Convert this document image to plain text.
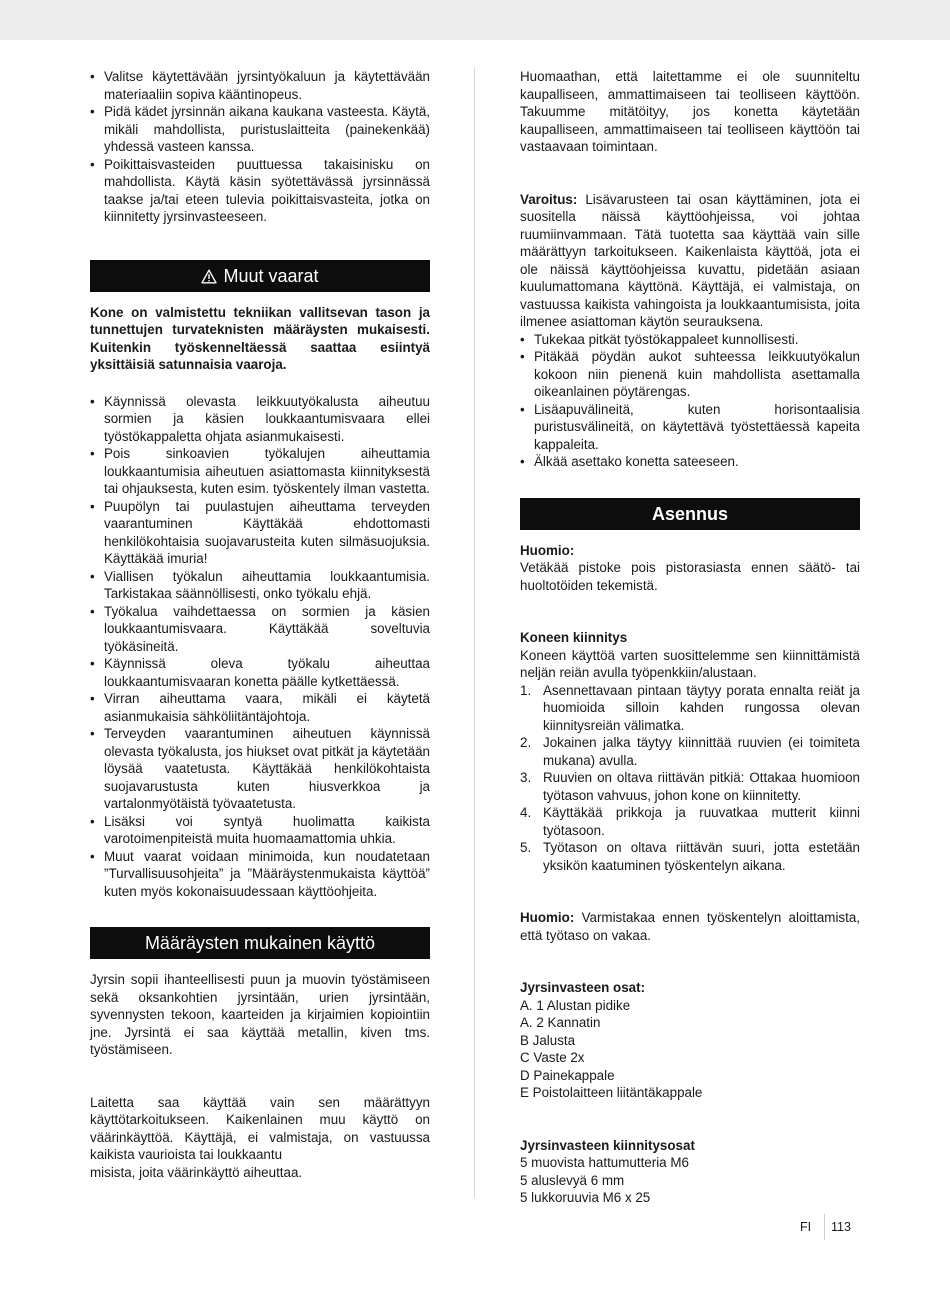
• Valitse käytettävään jyrsintyökaluun ja käytettävään materiaaliin sopiva kääntinopeus.
• Pidä kädet jyrsinnän aikana kaukana vasteesta. Käytä, mikäli mahdollista, puristuslaitteita (painekenkää) yhdessä vasteen kanssa.
• Poikittaisvasteiden puuttuessa takaisinisku on mahdollista. Käytä käsin syötettävässä jyrsinnässä taakse ja/tai eteen tulevia poikittaisvasteita, jotka on kiinnitetty jyrsinvasteeseen.
Muut vaarat

Kone on valmistettu tekniikan vallitsevan tason ja tunnettujen turvateknisten määräysten mukaisesti. Kuitenkin työskenneltäessä saattaa esiintyä yksittäisiä satunnaisia vaaroja.

• Käynnissä olevasta leikkuutyökalusta aiheutuu sormien ja käsien loukkaantumisvaara ellei työstökappaletta ohjata asianmukaisesti.
• Pois sinkoavien työkalujen aiheuttamia loukkaantumisia aiheutuen asiattomasta kiinnityksestä tai ohjauksesta, kuten esim. työskentely ilman vastetta.
• Puupölyn tai puulastujen aiheuttama terveyden vaarantuminen Käyttäkää ehdottomasti henkilökohtaisia suojavarusteita kuten silmäsuojuksia. Käyttäkää imuria!
• Viallisen työkalun aiheuttamia loukkaantumisia. Tarkistakaa säännöllisesti, onko työkalu ehjä.
• Työkalua vaihdettaessa on sormien ja käsien loukkaantumisvaara. Käyttäkää soveltuvia työkäsineitä.
• Käynnissä oleva työkalu aiheuttaa loukkaantumisvaaran konetta päälle kytkettäessä.
• Virran aiheuttama vaara, mikäli ei käytetä asianmukaisia sähköliitäntäjohtoja.
• Terveyden vaarantuminen aiheutuen käynnissä olevasta työkalusta, jos hiukset ovat pitkät ja käytetään löysää vaatetusta. Käyttäkää henkilökohtaista suojavarustusta kuten hiusverkkoa ja vartalonmyötäistä työvaatetusta.
• Lisäksi voi syntyä huolimatta kaikista varotoimenpiteistä muita huomaamattomia uhkia.
• Muut vaarat voidaan minimoida, kun noudatetaan ”Turvallisuusohjeita” ja ”Määräystenmukaista käyttöä” kuten myös kokonaisuudessaan käyttöohjeita.
Määräysten mukainen käyttö

Jyrsin sopii ihanteellisesti puun ja muovin työstämiseen sekä oksankohtien jyrsintään, urien jyrsintään, syvennysten tekoon, kaarteiden ja kirjaimien kopiointiin jne. Jyrsintä ei saa käyttää metallin, kiven tms. työstämiseen.

Laitetta saa käyttää vain sen määrättyyn käyttötarkoitukseen. Kaikenlainen muu käyttö on väärinkäyttöä. Käyttäjä, ei valmistaja, on vastuussa kaikista vaurioista tai loukkaantu
misista, joita väärinkäyttö aiheuttaa.

Huomaathan, että laitettamme ei ole suunniteltu kaupalliseen, ammattimaiseen tai teolliseen käyttöön. Takuumme mitätöityy, jos konetta käytetään kaupalliseen, ammattimaiseen tai teolliseen käyttöön tai vastaavaan toimintaan.

Varoitus: Lisävarusteen tai osan käyttäminen, jota ei suositella näissä käyttöohjeissa, voi johtaa ruumiinvammaan. Tätä tuotetta saa käyttää vain sille määrättyyn tarkoitukseen. Kaikenlaista käyttöä, jota ei ole näissä käyttöohjeissa kuvattu, pidetään asiaan kuulumattomana käyttönä. Käyttäjä, ei valmistaja, on vastuussa kaikista vahingoista ja loukkaantumisista, joita ilmenee asiattoman käytön seurauksena.

• Tukekaa pitkät työstökappaleet kunnollisesti.
• Pitäkää pöydän aukot suhteessa leikkuutyökalun kokoon niin pienenä kuin mahdollista asettamalla oikeanlainen pöytärengas.
• Lisäapuvälineitä, kuten horisontaalisia puristusvälineitä, on käytettävä työstettäessä kapeita kappaleita.
• Älkää asettako konetta sateeseen.
Asennus

Huomio:

Vetäkää pistoke pois pistorasiasta ennen säätö- tai huoltotöiden tekemistä.

Koneen kiinnitys

Koneen käyttöä varten suosittelemme sen kiinnittämistä neljän reiän avulla työpenkkiin/alustaan.

1. Asennettavaan pintaan täytyy porata ennalta reiät ja huomioida silloin kahden rungossa olevan kiinnitysreiän välimatka.
2. Jokainen jalka täytyy kiinnittää ruuvien (ei toimiteta mukana) avulla.
3. Ruuvien on oltava riittävän pitkiä: Ottakaa huomioon työtason vahvuus, johon kone on kiinnitetty.
4. Käyttäkää prikkoja ja ruuvatkaa mutterit kiinni työtasoon.
5. Työtason on oltava riittävän suuri, jotta estetään yksikön kaatuminen työskentelyn aikana.

Huomio: Varmistakaa ennen työskentelyn aloittamista, että työtaso on vakaa.

Jyrsinvasteen osat:

A. 1 Alustan pidike
A. 2 Kannatin
B Jalusta
C Vaste 2x
D Painekappale
E Poistolaitteen liitäntäkappale

Jyrsinvasteen kiinnitysosat

5 muovista hattumutteria M6
5 aluslevyä 6 mm
5 lukkoruuvia M6 x 25
FI 113
